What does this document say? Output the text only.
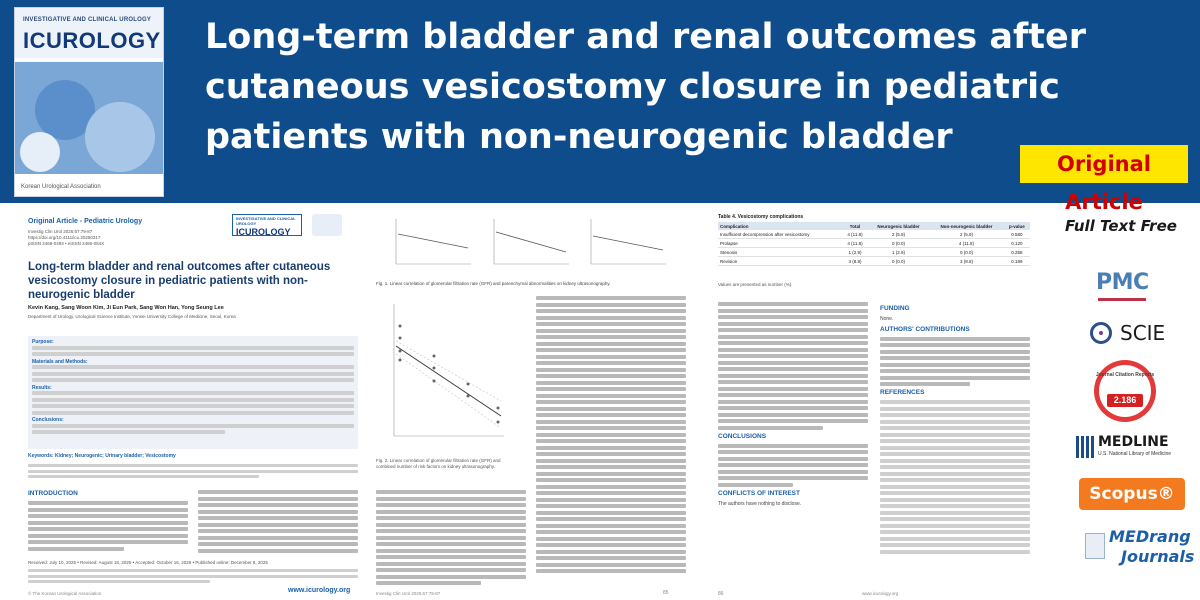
INVESTIGATIVE AND CLINICAL UROLOGY
ICUROLOGY
Korean Urological Association
Long-term bladder and renal outcomes after cutaneous vesicostomy closure in pediatric patients with non-neurogenic bladder
Original Article
Original Article - Pediatric Urology
Investig Clin Urol 2026;67:79-87
https://doi.org/10.4111/icu.20250317
pISSN 2466-0493 • eISSN 2466-054X
INVESTIGATIVE AND CLINICAL UROLOGY
ICUROLOGY
Long-term bladder and renal outcomes after cutaneous vesicostomy closure in pediatric patients with non-neurogenic bladder
Kevin Kang, Sang Woon Kim, Ji Eun Park, Sang Won Han, Yong Seung Lee
Department of Urology, Urological Science Institute, Yonsei University College of Medicine, Seoul, Korea
Purpose:
Materials and Methods:
Results:
Conclusions:
Keywords: Kidney; Neurogenic; Urinary bladder; Vesicostomy
INTRODUCTION
Received: July 10, 2025 • Revised: August 18, 2025 • Accepted: October 16, 2025 • Published online: December 8, 2025
© The Korean Urological Association	www.icurology.org
Fig. 1. Linear correlation of glomerular filtration rate (GFR) and parenchymal abnormalities on kidney ultrasonography.
Fig. 2. Linear correlation of glomerular filtration rate (GFR) and combined number of risk factors on kidney ultrasonography.
Investig Clin Urol 2026;67:79-87	85
Table 4. Vesicostomy complications
Complication	Total	Neurogenic bladder	Non-neurogenic bladder	p-value
Insufficient decompression after vesicostomy	4 (11.8)	2 (5.9)	2 (5.9)	0.580
Prolapse	4 (11.8)	0 (0.0)	4 (11.8)	0.120
Stenosis	1 (2.9)	1 (2.9)	0 (0.0)	0.258
Revision	3 (8.8)	0 (0.0)	3 (8.8)	0.189
Values are presented as number (%).
CONCLUSIONS
CONFLICTS OF INTEREST
The authors have nothing to disclose.
FUNDING
None.
AUTHORS' CONTRIBUTIONS
REFERENCES
86	www.icurology.org
Full Text Free
PMC
SCIE
Journal Citation Reports
2.186
MEDLINE
U.S. National Library of Medicine
Scopus®
MEDrang
Journals
